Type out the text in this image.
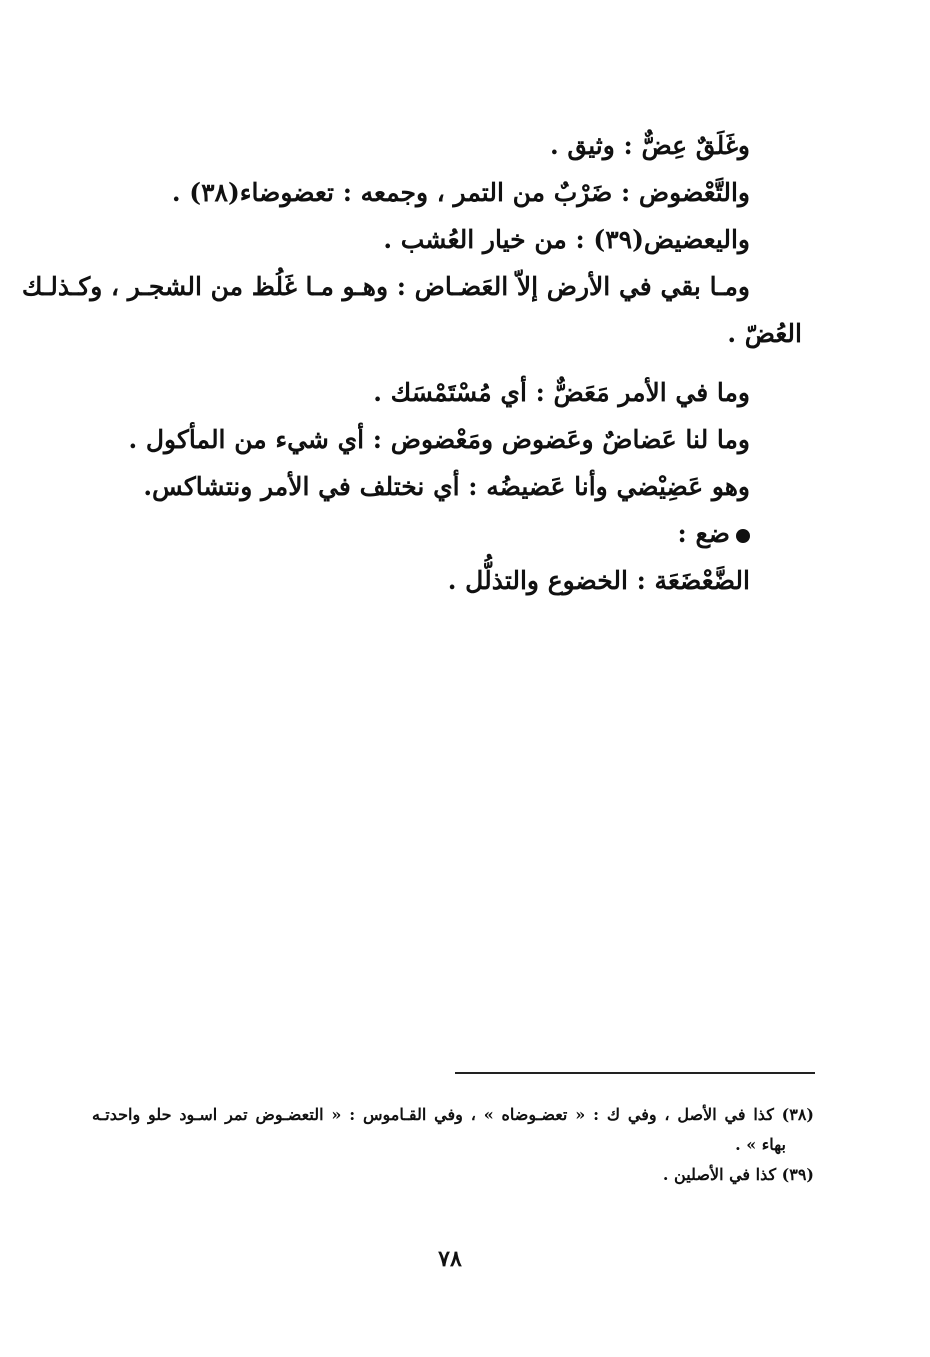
وغَلَقٌ عِضٌّ : وثيق .
والتَّعْضوض : ضَرْبٌ من التمر ، وجمعه : تعضوضاء(٣٨) .
واليعضيض(٣٩) : من خيار العُشب .
ومـا بقي في الأرض إلاّ العَضـاض : وهـو مـا غَلُظ من الشجـر ، وكـذلـك
العُضّ .
وما في الأمر مَعَضٌّ : أي مُسْتَمْسَك .
وما لنا عَضاضٌ وعَضوض ومَعْضوض : أي شيء من المأكول .
وهو عَضِيْضي وأنا عَضيضُه : أي نختلف في الأمر ونتشاكس.
ضع :
الضَّعْضَعَة : الخضوع والتذلُّل .
(٣٨) كذا في الأصل ، وفي ك : « تعضـوضاه » ، وفي القـاموس : « التعضـوض تمر اسـود حلو واحدتـه
بهاء » .
(٣٩) كذا في الأصلين .
٧٨
